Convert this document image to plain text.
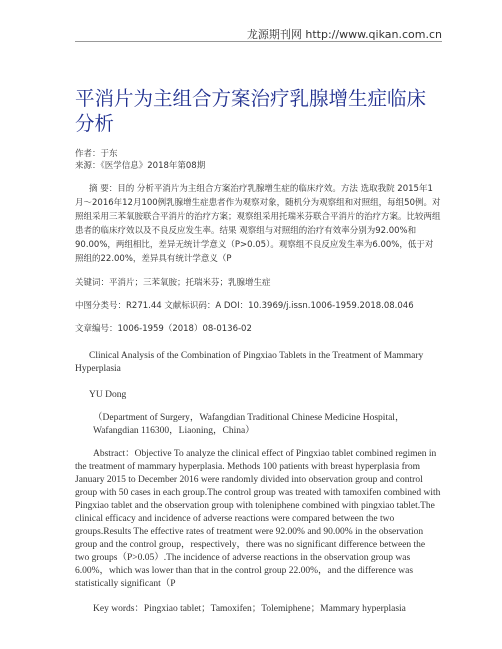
龙源期刊网 http://www.qikan.com.cn
平消片为主组合方案治疗乳腺增生症临床分析

作者：于东

来源：《医学信息》2018年第08期

摘 要：目的 分析平消片为主组合方案治疗乳腺增生症的临床疗效。方法 选取我院 2015年1月～2016年12月100例乳腺增生症患者作为观察对象，随机分为观察组和对照组，每组50例。对照组采用三苯氧胺联合平消片的治疗方案；观察组采用托瑞米芬联合平消片的治疗方案。比较两组患者的临床疗效以及不良反应发生率。结果 观察组与对照组的治疗有效率分别为92.00%和90.00%，两组相比，差异无统计学意义（P>0.05）。观察组不良反应发生率为6.00%，低于对照组的22.00%，差异具有统计学意义（P

关键词：平消片；三苯氧胺；托瑞米芬；乳腺增生症

中图分类号：R271.44 文献标识码：A DOI：10.3969/j.issn.1006-1959.2018.08.046

文章编号：1006-1959（2018）08-0136-02

Clinical Analysis of the Combination of Pingxiao Tablets in the Treatment of Mammary Hyperplasia

YU Dong

（Department of Surgery，Wafangdian Traditional Chinese Medicine Hospital，Wafangdian 116300，Liaoning，China）

Abstract：Objective To analyze the clinical effect of Pingxiao tablet combined regimen in the treatment of mammary hyperplasia. Methods 100 patients with breast hyperplasia from January 2015 to December 2016 were randomly divided into observation group and control group with 50 cases in each group.The control group was treated with tamoxifen combined with Pingxiao tablet and the observation group with toleniphene combined with pingxiao tablet.The clinical efficacy and incidence of adverse reactions were compared between the two groups.Results The effective rates of treatment were 92.00% and 90.00% in the observation group and the control group，respectively，there was no significant difference between the two groups（P>0.05）.The incidence of adverse reactions in the observation group was 6.00%，which was lower than that in the control group 22.00%，and the difference was statistically significant（P

Key words：Pingxiao tablet；Tamoxifen；Tolemiphene；Mammary hyperplasia
